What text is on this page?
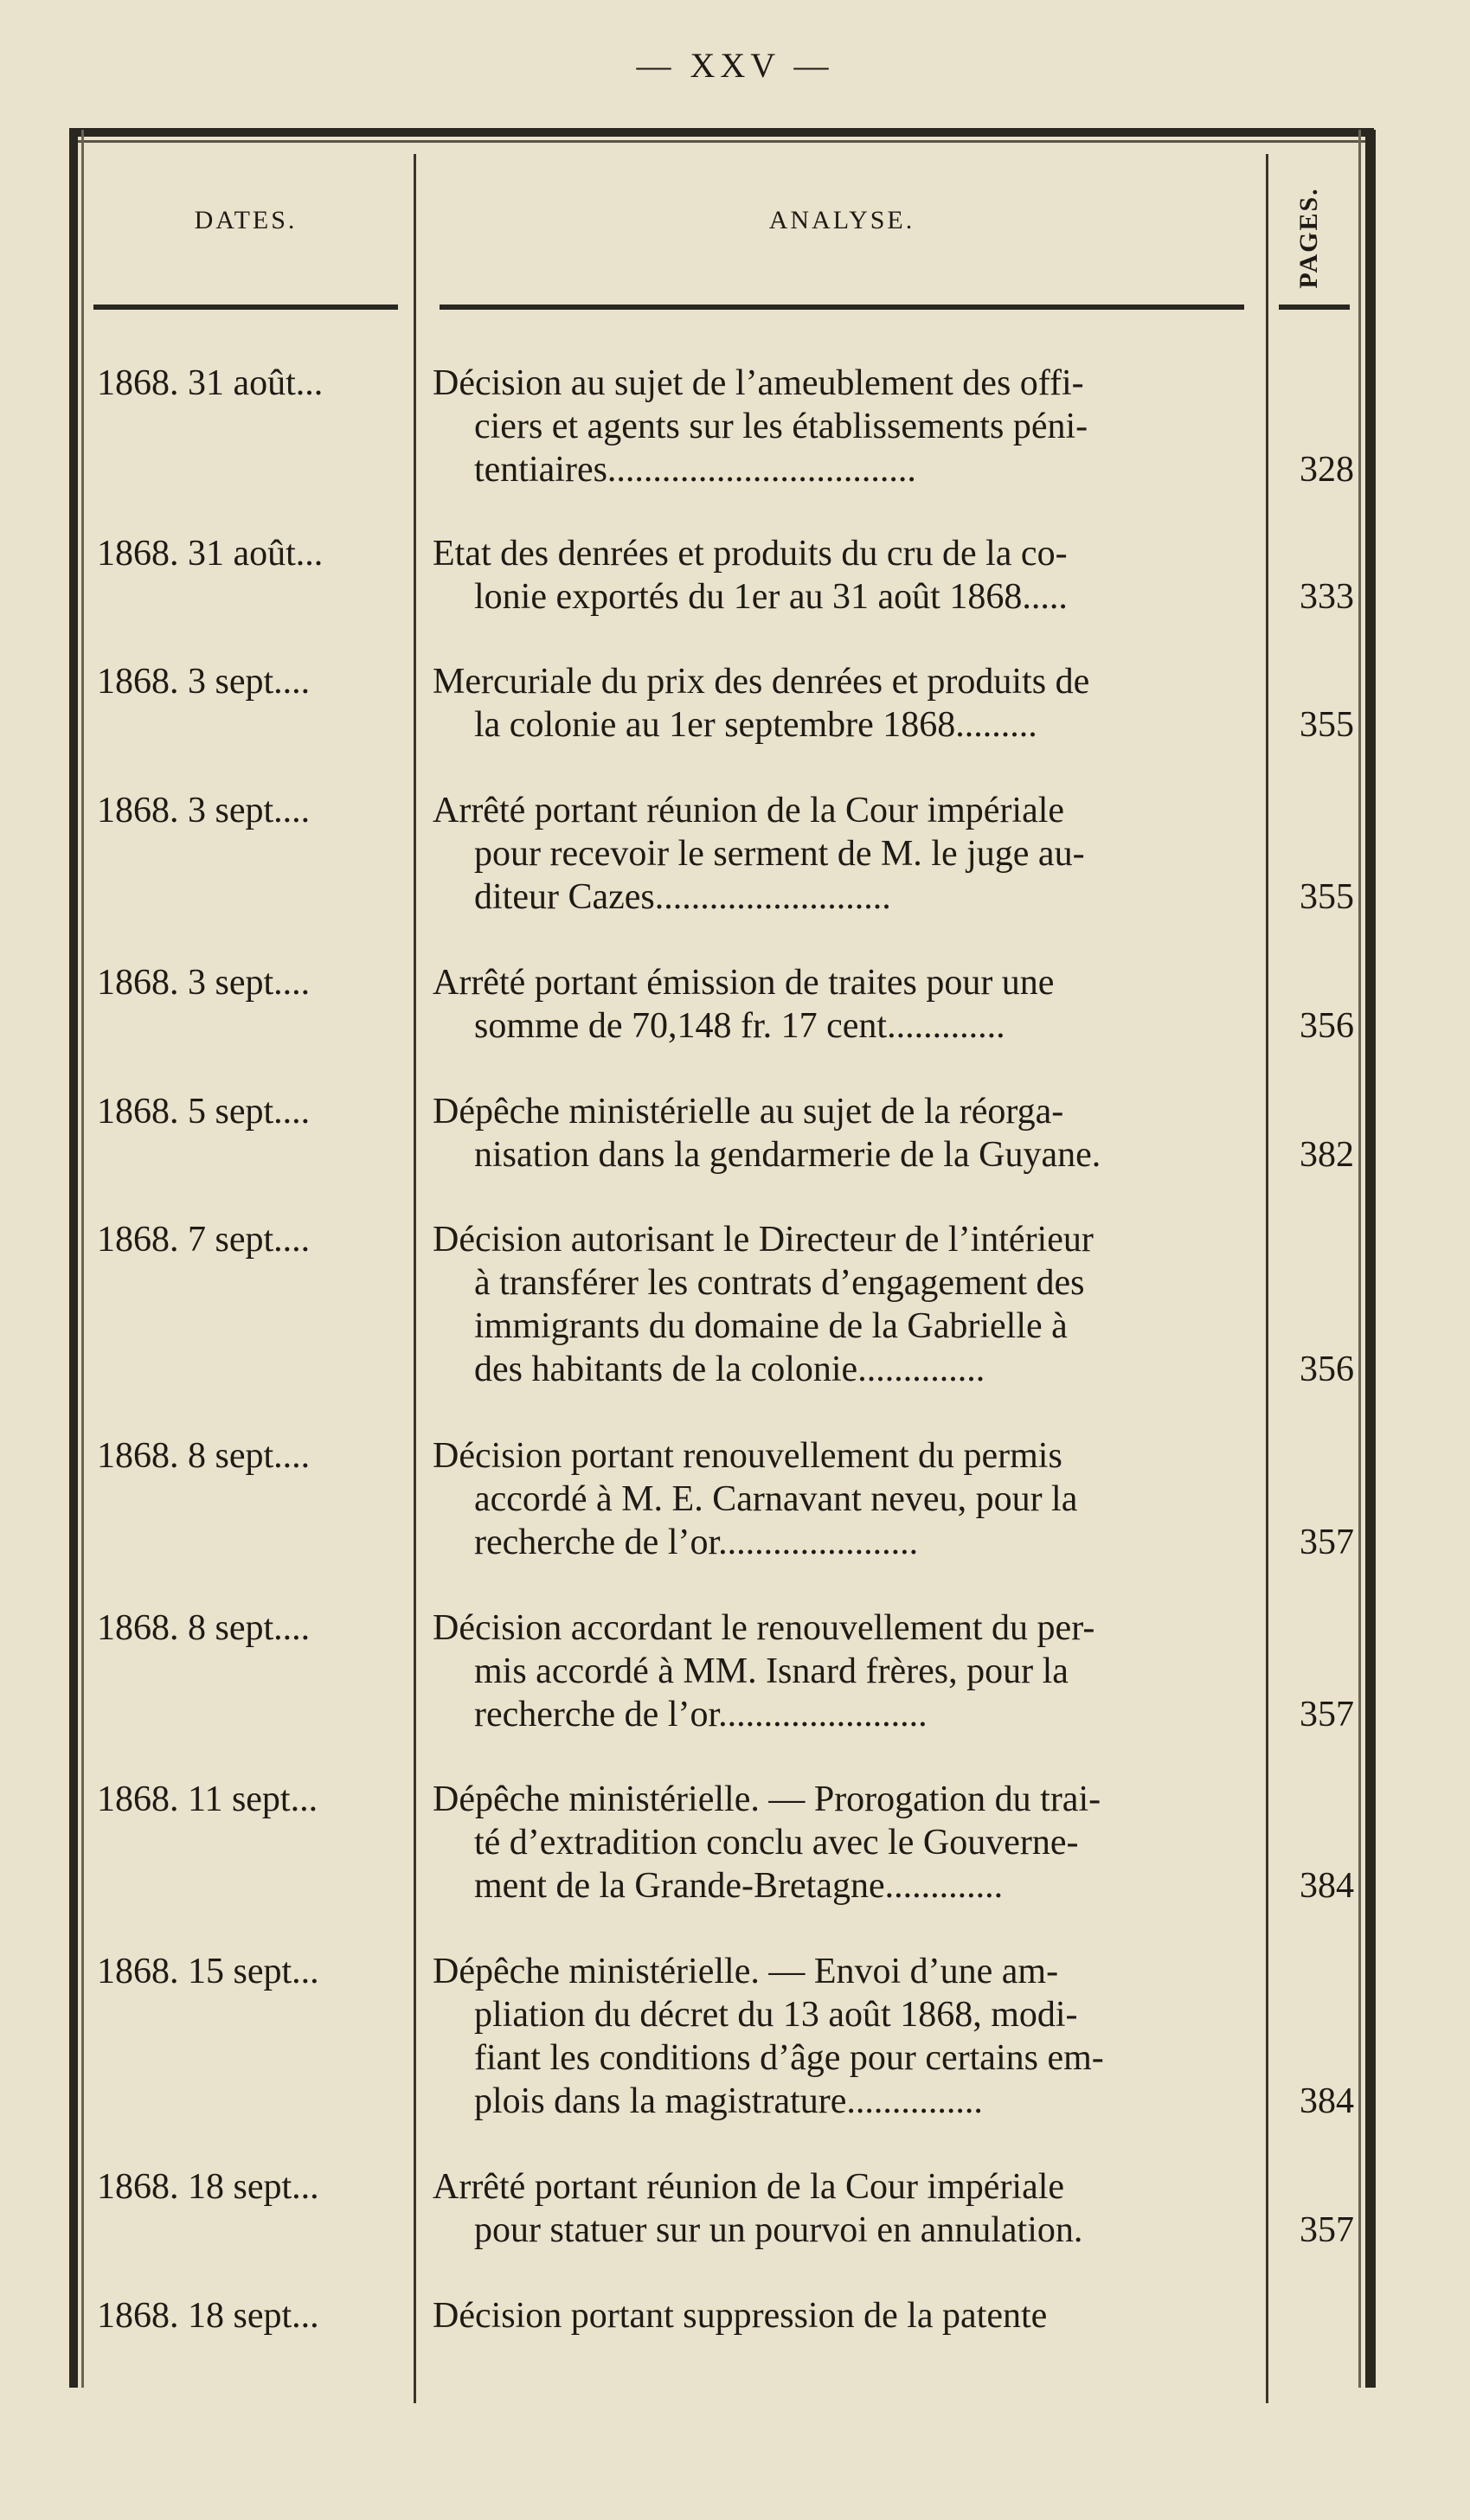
— XXV —
DATES.	ANALYSE.	PAGES.
1868. 31 août...	Décision au sujet de l’ameublement des offi-
ciers et agents sur les établissements péni-
tentiaires..................................	328
1868. 31 août...	Etat des denrées et produits du cru de la co-
lonie exportés du 1er au 31 août 1868.....	333
1868. 3 sept....	Mercuriale du prix des denrées et produits de
la colonie au 1er septembre 1868.........	355
1868. 3 sept....	Arrêté portant réunion de la Cour impériale
pour recevoir le serment de M. le juge au-
diteur Cazes..........................	355
1868. 3 sept....	Arrêté portant émission de traites pour une
somme de 70,148 fr. 17 cent.............	356
1868. 5 sept....	Dépêche ministérielle au sujet de la réorga-
nisation dans la gendarmerie de la Guyane.	382
1868. 7 sept....	Décision autorisant le Directeur de l’intérieur
à transférer les contrats d’engagement des
immigrants du domaine de la Gabrielle à
des habitants de la colonie..............	356
1868. 8 sept....	Décision portant renouvellement du permis
accordé à M. E. Carnavant neveu, pour la
recherche de l’or......................	357
1868. 8 sept....	Décision accordant le renouvellement du per-
mis accordé à MM. Isnard frères, pour la
recherche de l’or.......................	357
1868. 11 sept...	Dépêche ministérielle. — Prorogation du trai-
té d’extradition conclu avec le Gouverne-
ment de la Grande-Bretagne.............	384
1868. 15 sept...	Dépêche ministérielle. — Envoi d’une am-
pliation du décret du 13 août 1868, modi-
fiant les conditions d’âge pour certains em-
plois dans la magistrature...............	384
1868. 18 sept...	Arrêté portant réunion de la Cour impériale
pour statuer sur un pourvoi en annulation.	357
1868. 18 sept...	Décision portant suppression de la patente
